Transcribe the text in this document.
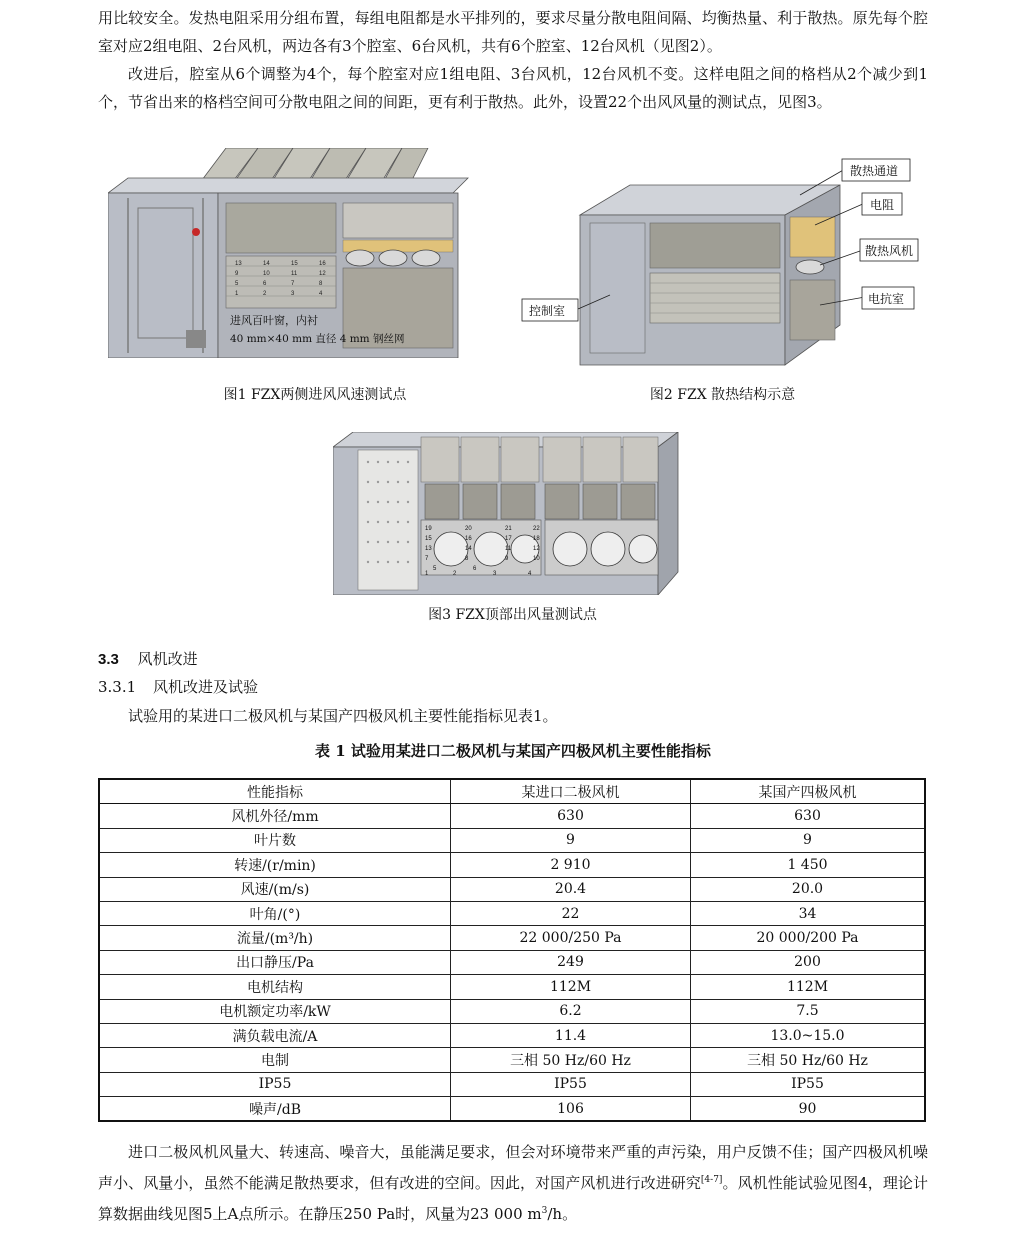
用比较安全。发热电阻采用分组布置，每组电阻都是水平排列的，要求尽量分散电阻间隔、均衡热量、利于散热。原先每个腔室对应2组电阻、2台风机，两边各有3个腔室、6台风机，共有6个腔室、12台风机（见图2）。

改进后，腔室从6个调整为4个，每个腔室对应1组电阻、3台风机，12台风机不变。这样电阻之间的格档从2个减少到1个，节省出来的格档空间可分散电阻之间的间距，更有利于散热。此外，设置22个出风风量的测试点，见图3。

13	14	15	16
9	10	11	12
5	6	7	8
1	2	3	4
进风百叶窗，内衬
40 mm×40 mm 直径 4 mm 钢丝网
图1 FZX两侧进风风速测试点
散热通道
电阻
散热风机
电抗室
控制室
图2 FZX 散热结构示意
19	20	21	22
15	16	17	18
13	14	11	12
7	8	9	10
5	6
1	2	3	4
图3 FZX顶部出风量测试点
3.3 风机改进
3.3.1 风机改进及试验

试验用的某进口二极风机与某国产四极风机主要性能指标见表1。

表 1 试验用某进口二极风机与某国产四极风机主要性能指标
性能指标	某进口二极风机	某国产四极风机
风机外径/mm	630	630
叶片数	9	9
转速/(r/min)	2 910	1 450
风速/(m/s)	20.4	20.0
叶角/(°)	22	34
流量/(m³/h)	22 000/250 Pa	20 000/200 Pa
出口静压/Pa	249	200
电机结构	112M	112M
电机额定功率/kW	6.2	7.5
满负载电流/A	11.4	13.0~15.0
电制	三相 50 Hz/60 Hz	三相 50 Hz/60 Hz
IP55	IP55	IP55
噪声/dB	106	90

进口二极风机风量大、转速高、噪音大，虽能满足要求，但会对环境带来严重的声污染，用户反馈不佳；国产四极风机噪声小、风量小，虽然不能满足散热要求，但有改进的空间。因此，对国产风机进行改进研究[4-7]。风机性能试验见图4，理论计算数据曲线见图5上A点所示。在静压250 Pa时，风量为23 000 $m^3/h$。
